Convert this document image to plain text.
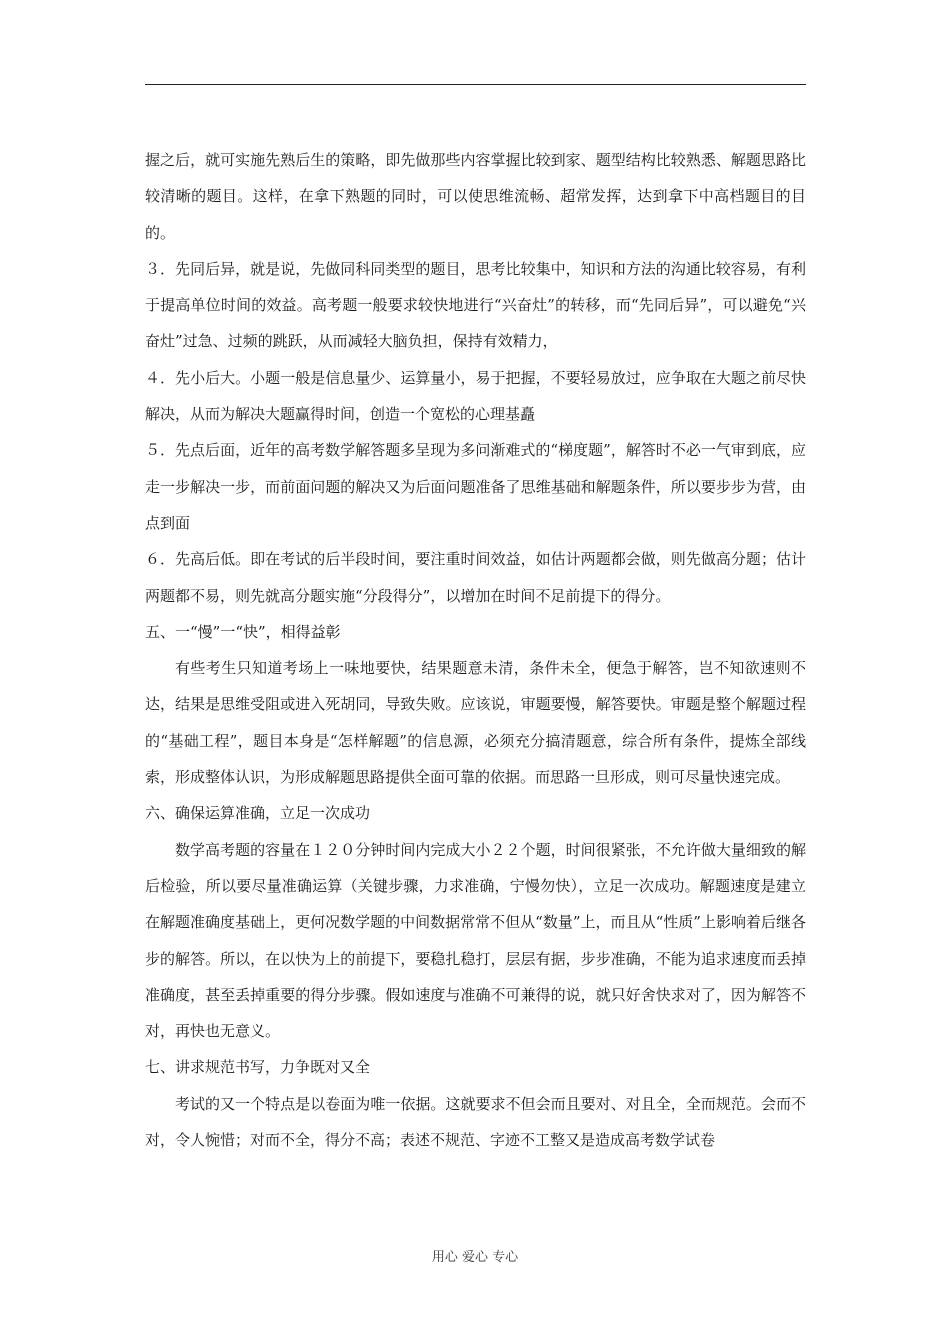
握之后，就可实施先熟后生的策略，即先做那些内容掌握比较到家、题型结构比较熟悉、解题思路比较清晰的题目。这样，在拿下熟题的同时，可以使思维流畅、超常发挥，达到拿下中高档题目的目的。

３．先同后异，就是说，先做同科同类型的题目，思考比较集中，知识和方法的沟通比较容易，有利于提高单位时间的效益。高考题一般要求较快地进行“兴奋灶”的转移，而“先同后异”，可以避免“兴奋灶”过急、过频的跳跃，从而减轻大脑负担，保持有效精力，

４．先小后大。小题一般是信息量少、运算量小，易于把握，不要轻易放过，应争取在大题之前尽快解决，从而为解决大题赢得时间，创造一个宽松的心理基矗

５．先点后面，近年的高考数学解答题多呈现为多问渐难式的“梯度题”，解答时不必一气审到底，应走一步解决一步，而前面问题的解决又为后面问题准备了思维基础和解题条件，所以要步步为营，由点到面

６．先高后低。即在考试的后半段时间，要注重时间效益，如估计两题都会做，则先做高分题；估计两题都不易，则先就高分题实施“分段得分”，以增加在时间不足前提下的得分。

五、一“慢”一“快”，相得益彰

有些考生只知道考场上一味地要快，结果题意未清，条件未全，便急于解答，岂不知欲速则不达，结果是思维受阻或进入死胡同，导致失败。应该说，审题要慢，解答要快。审题是整个解题过程的“基础工程”，题目本身是“怎样解题”的信息源，必须充分搞清题意，综合所有条件，提炼全部线索，形成整体认识，为形成解题思路提供全面可靠的依据。而思路一旦形成，则可尽量快速完成。

六、确保运算准确，立足一次成功

数学高考题的容量在１２０分钟时间内完成大小２２个题，时间很紧张，不允许做大量细致的解后检验，所以要尽量准确运算（关键步骤，力求准确，宁慢勿快），立足一次成功。解题速度是建立在解题准确度基础上，更何况数学题的中间数据常常不但从“数量”上，而且从“性质”上影响着后继各步的解答。所以，在以快为上的前提下，要稳扎稳打，层层有据，步步准确，不能为追求速度而丢掉准确度，甚至丢掉重要的得分步骤。假如速度与准确不可兼得的说，就只好舍快求对了，因为解答不对，再快也无意义。

七、讲求规范书写，力争既对又全

考试的又一个特点是以卷面为唯一依据。这就要求不但会而且要对、对且全，全而规范。会而不对，令人惋惜；对而不全，得分不高；表述不规范、字迹不工整又是造成高考数学试卷

用心 爱心 专心
